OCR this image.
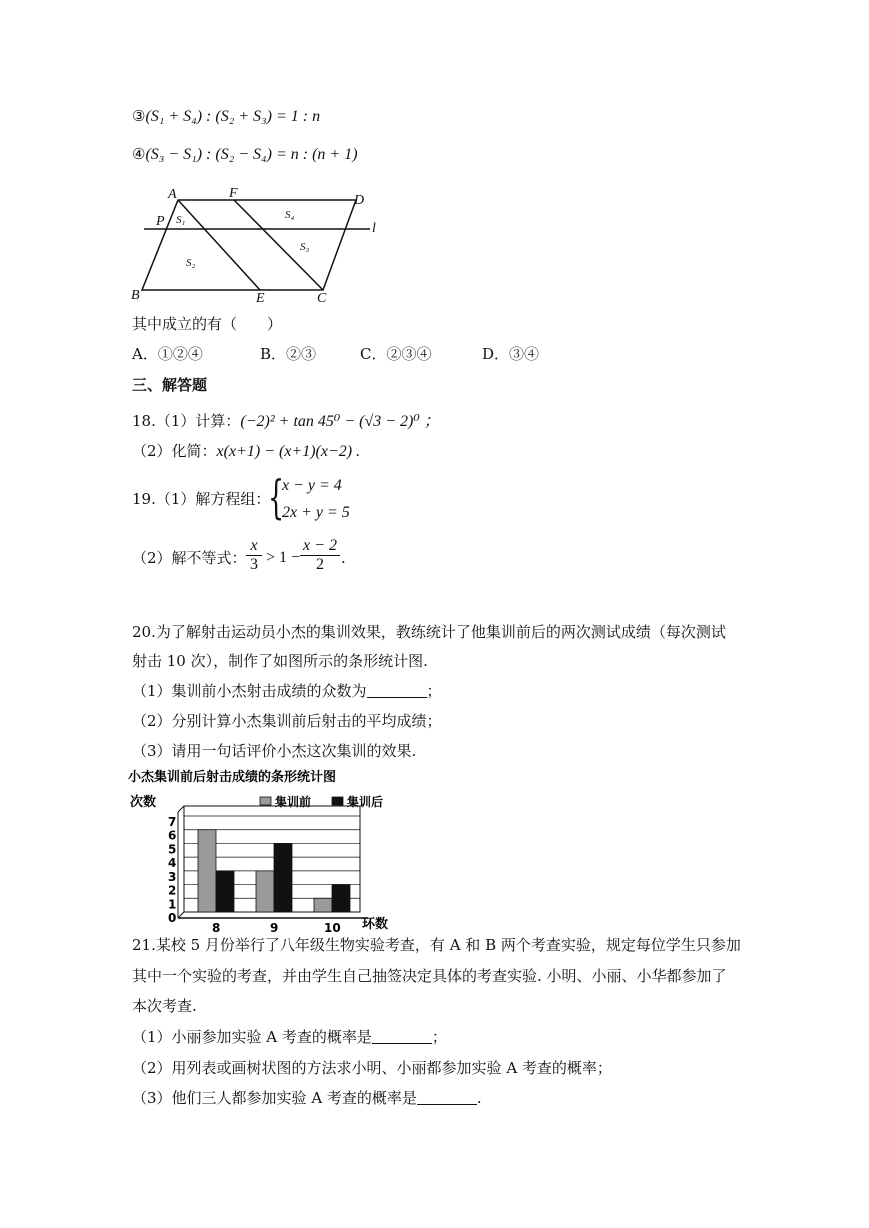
③(S₁ + S₄) : (S₂ + S₃) = 1 : n
④(S₃ − S₁) : (S₂ − S₄) = n : (n + 1)
A	F	D
P	l
B	E	C
S₁	S₄
S₃
S₂
其中成立的有（　　）
A．①②④	B．②③	C．②③④	D．③④
三、解答题
18.（1）计算：(−2)² + tan 45⁰ − (√3 − 2)⁰ ；
（2）化简：x(x+1) − (x+1)(x−2) .
19.（1）解方程组：
{
x − y = 4
2x + y = 5
（2）解不等式： $\frac{x}{3} > 1 - \frac{x - 2}{2}$ .
20.为了解射击运动员小杰的集训效果，教练统计了他集训前后的两次测试成绩（每次测试
射击 10 次），制作了如图所示的条形统计图.
（1）集训前小杰射击成绩的众数为	；
（2）分别计算小杰集训前后射击的平均成绩；
（3）请用一句话评价小杰这次集训的效果.
小杰集训前后射击成绩的条形统计图
次数	集训前	集训后
0
1
2
3
4
5
6
7
8	9	10 环数
21.某校 5 月份举行了八年级生物实验考查，有 A 和 B 两个考查实验，规定每位学生只参加
其中一个实验的考查，并由学生自己抽签决定具体的考查实验. 小明、小丽、小华都参加了
本次考查.
（1）小丽参加实验 A 考查的概率是	；
（2）用列表或画树状图的方法求小明、小丽都参加实验 A 考查的概率；
（3）他们三人都参加实验 A 考查的概率是	.
